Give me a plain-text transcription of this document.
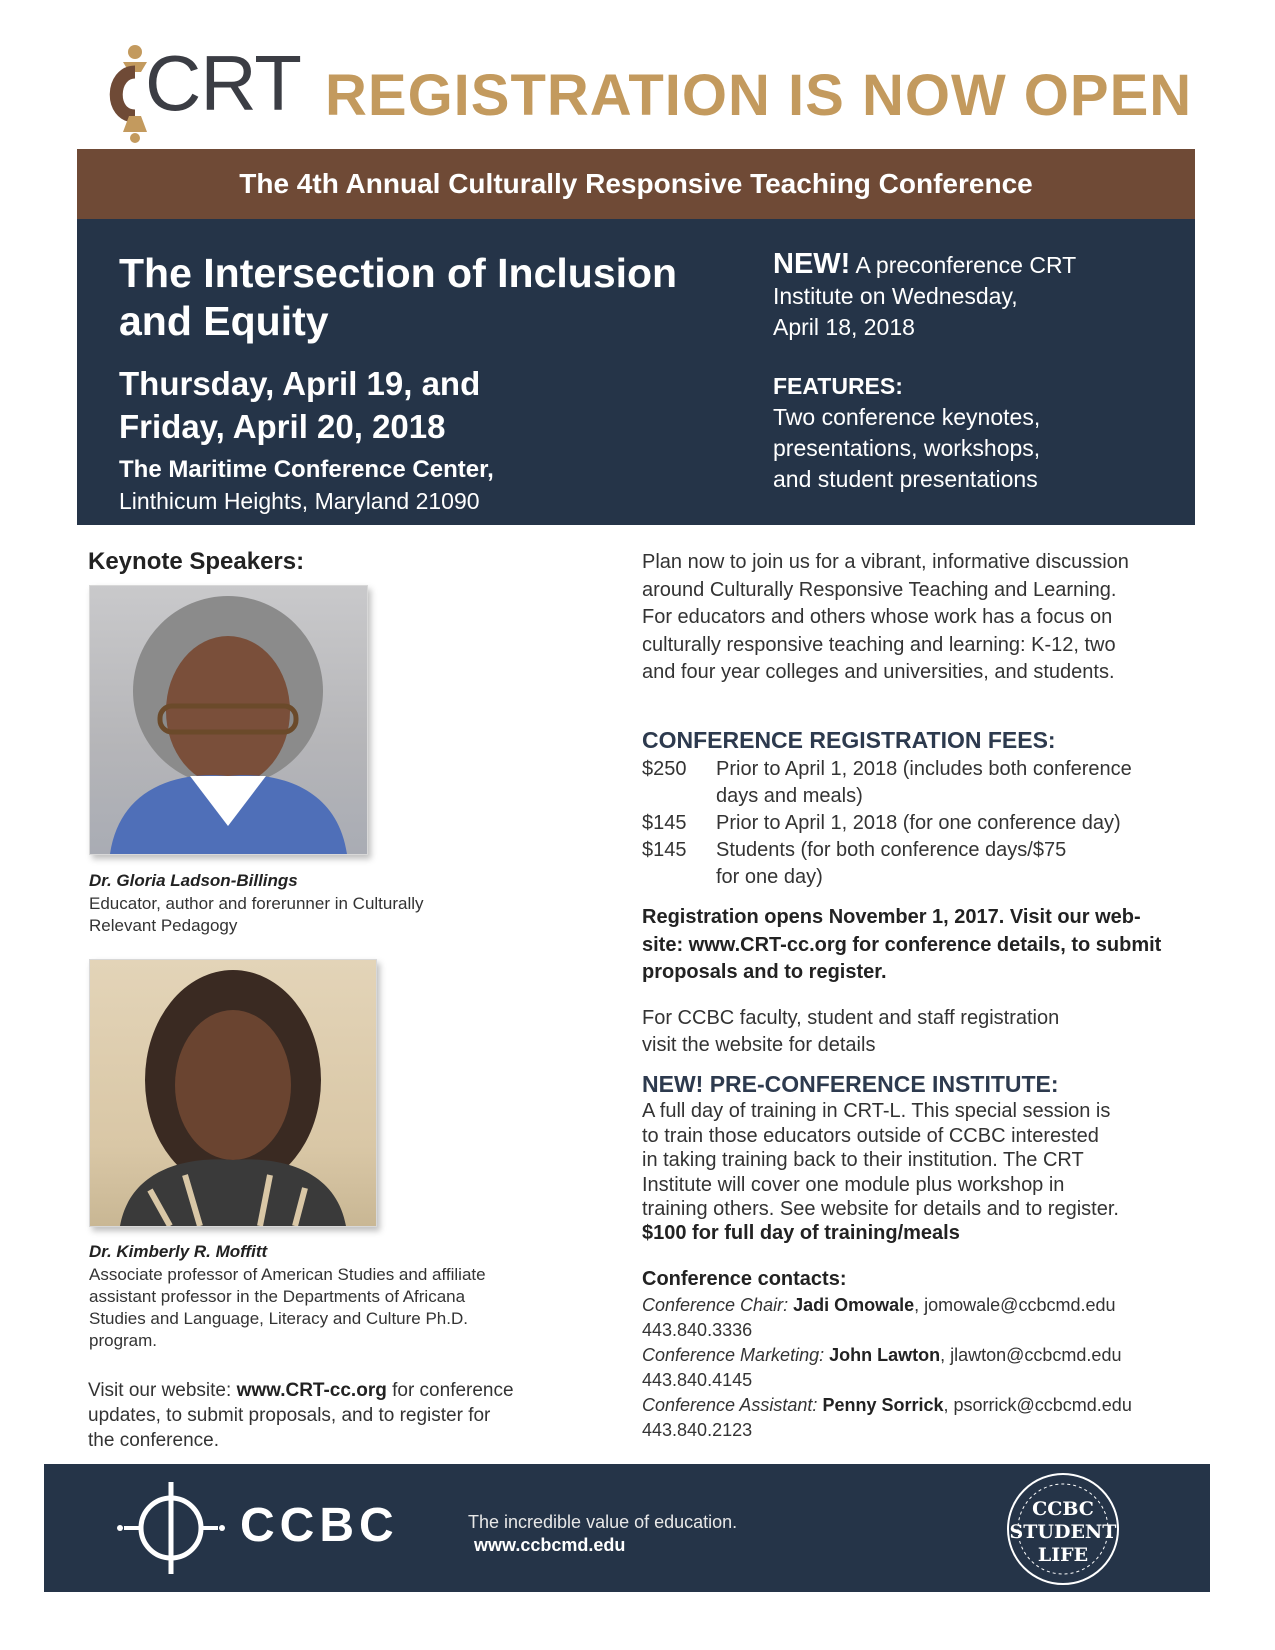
CRT REGISTRATION IS NOW OPEN
The 4th Annual Culturally Responsive Teaching Conference
The Intersection of Inclusion
and Equity
Thursday, April 19, and
Friday, April 20, 2018
The Maritime Conference Center,
Linthicum Heights, Maryland 21090
NEW! A preconference CRT
Institute on Wednesday,
April 18, 2018
FEATURES:
Two conference keynotes,
presentations, workshops,
and student presentations
Keynote Speakers:
Dr. Gloria Ladson-Billings
Educator, author and forerunner in Culturally
Relevant Pedagogy
Dr. Kimberly R. Moffitt
Associate professor of American Studies and affiliate
assistant professor in the Departments of Africana
Studies and Language, Literacy and Culture Ph.D.
program.
Visit our website: www.CRT-cc.org for conference
updates, to submit proposals, and to register for
the conference.
Plan now to join us for a vibrant, informative discussion
around Culturally Responsive Teaching and Learning.
For educators and others whose work has a focus on
culturally responsive teaching and learning: K-12, two
and four year colleges and universities, and students.
CONFERENCE REGISTRATION FEES:
$250 Prior to April 1, 2018 (includes both conference
days and meals)
$145 Prior to April 1, 2018 (for one conference day)
$145 Students (for both conference days/$75
for one day)
Registration opens November 1, 2017. Visit our web-
site: www.CRT-cc.org for conference details, to submit
proposals and to register.
For CCBC faculty, student and staff registration
visit the website for details
NEW! PRE-CONFERENCE INSTITUTE:
A full day of training in CRT-L. This special session is
to train those educators outside of CCBC interested
in taking training back to their institution. The CRT
Institute will cover one module plus workshop in
training others. See website for details and to register.
$100 for full day of training/meals
Conference contacts:
Conference Chair: Jadi Omowale, jomowale@ccbcmd.edu
443.840.3336
Conference Marketing: John Lawton, jlawton@ccbcmd.edu
443.840.4145
Conference Assistant: Penny Sorrick, psorrick@ccbcmd.edu
443.840.2123
CCBC	The incredible value of education.
www.ccbcmd.edu
CCBC
STUDENT
LIFE
